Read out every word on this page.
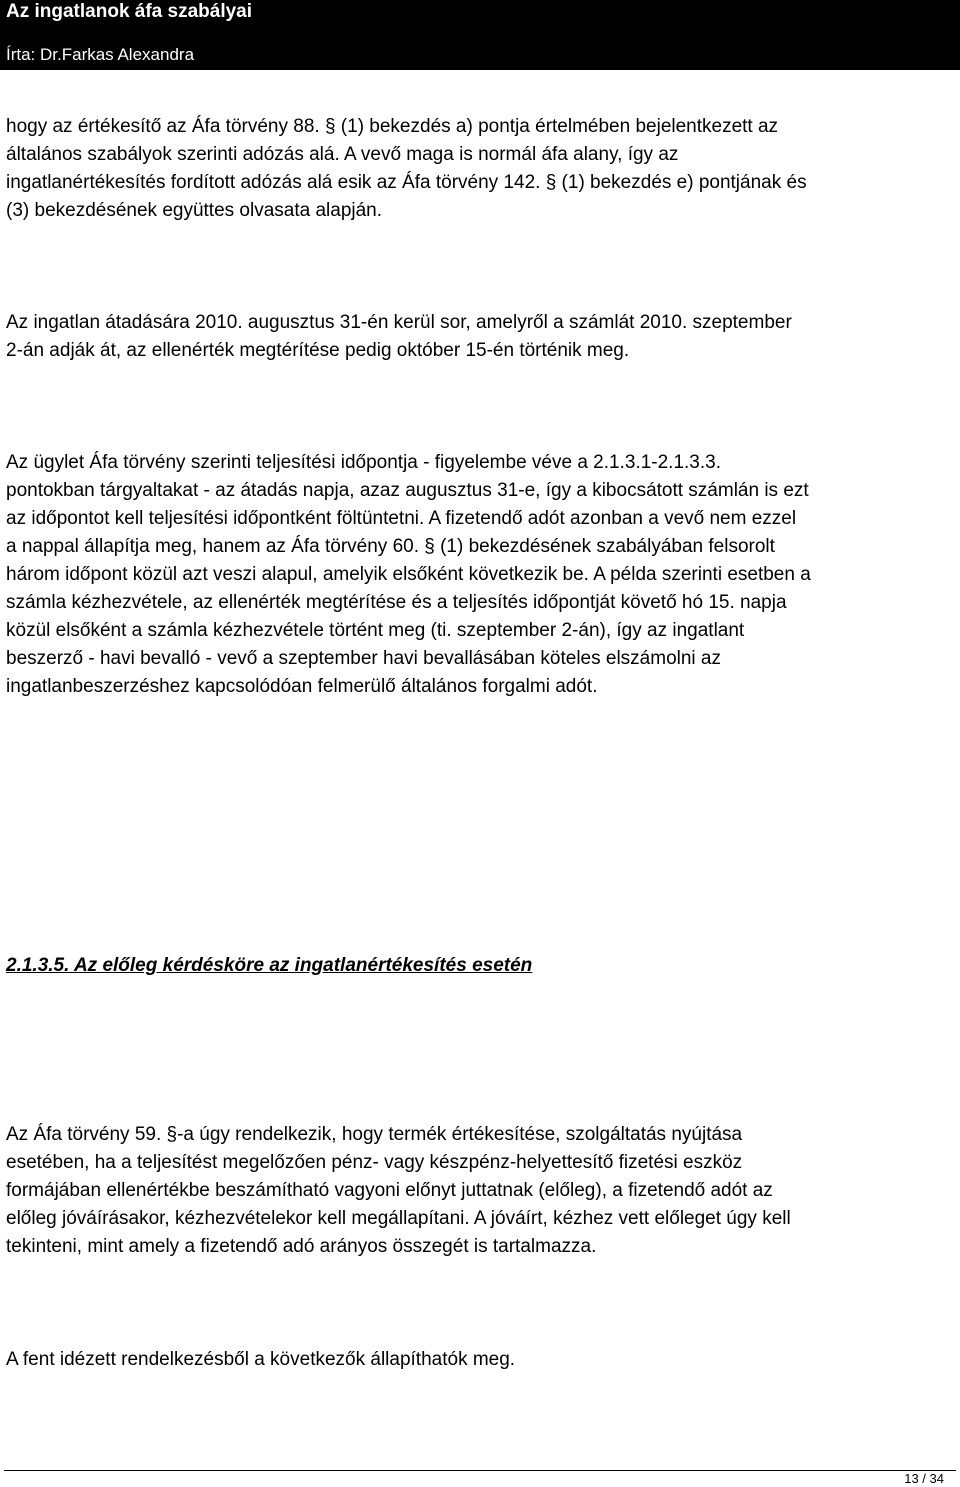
Az ingatlanok áfa szabályai
Írta: Dr.Farkas Alexandra

hogy az értékesítő az Áfa törvény 88. § (1) bekezdés a) pontja értelmében bejelentkezett az
általános szabályok szerinti adózás alá. A vevő maga is normál áfa alany, így az
ingatlanértékesítés fordított adózás alá esik az Áfa törvény 142. § (1) bekezdés e) pontjának és
(3) bekezdésének együttes olvasata alapján.

Az ingatlan átadására 2010. augusztus 31-én kerül sor, amelyről a számlát 2010. szeptember
2-án adják át, az ellenérték megtérítése pedig október 15-én történik meg.

Az ügylet Áfa törvény szerinti teljesítési időpontja - figyelembe véve a 2.1.3.1-2.1.3.3.
pontokban tárgyaltakat - az átadás napja, azaz augusztus 31-e, így a kibocsátott számlán is ezt
az időpontot kell teljesítési időpontként föltüntetni. A fizetendő adót azonban a vevő nem ezzel
a nappal állapítja meg, hanem az Áfa törvény 60. § (1) bekezdésének szabályában felsorolt
három időpont közül azt veszi alapul, amelyik elsőként következik be. A példa szerinti esetben a
számla kézhezvétele, az ellenérték megtérítése és a teljesítés időpontját követő hó 15. napja
közül elsőként a számla kézhezvétele történt meg (ti. szeptember 2-án), így az ingatlant
beszerző - havi bevalló - vevő a szeptember havi bevallásában köteles elszámolni az
ingatlanbeszerzéshez kapcsolódóan felmerülő általános forgalmi adót.

2.1.3.5. Az előleg kérdésköre az ingatlanértékesítés esetén

Az Áfa törvény 59. §-a úgy rendelkezik, hogy termék értékesítése, szolgáltatás nyújtása
esetében, ha a teljesítést megelőzően pénz- vagy készpénz-helyettesítő fizetési eszköz
formájában ellenértékbe beszámítható vagyoni előnyt juttatnak (előleg), a fizetendő adót az
előleg jóváírásakor, kézhezvételekor kell megállapítani. A jóváírt, kézhez vett előleget úgy kell
tekinteni, mint amely a fizetendő adó arányos összegét is tartalmazza.

A fent idézett rendelkezésből a következők állapíthatók meg.

13 / 34
